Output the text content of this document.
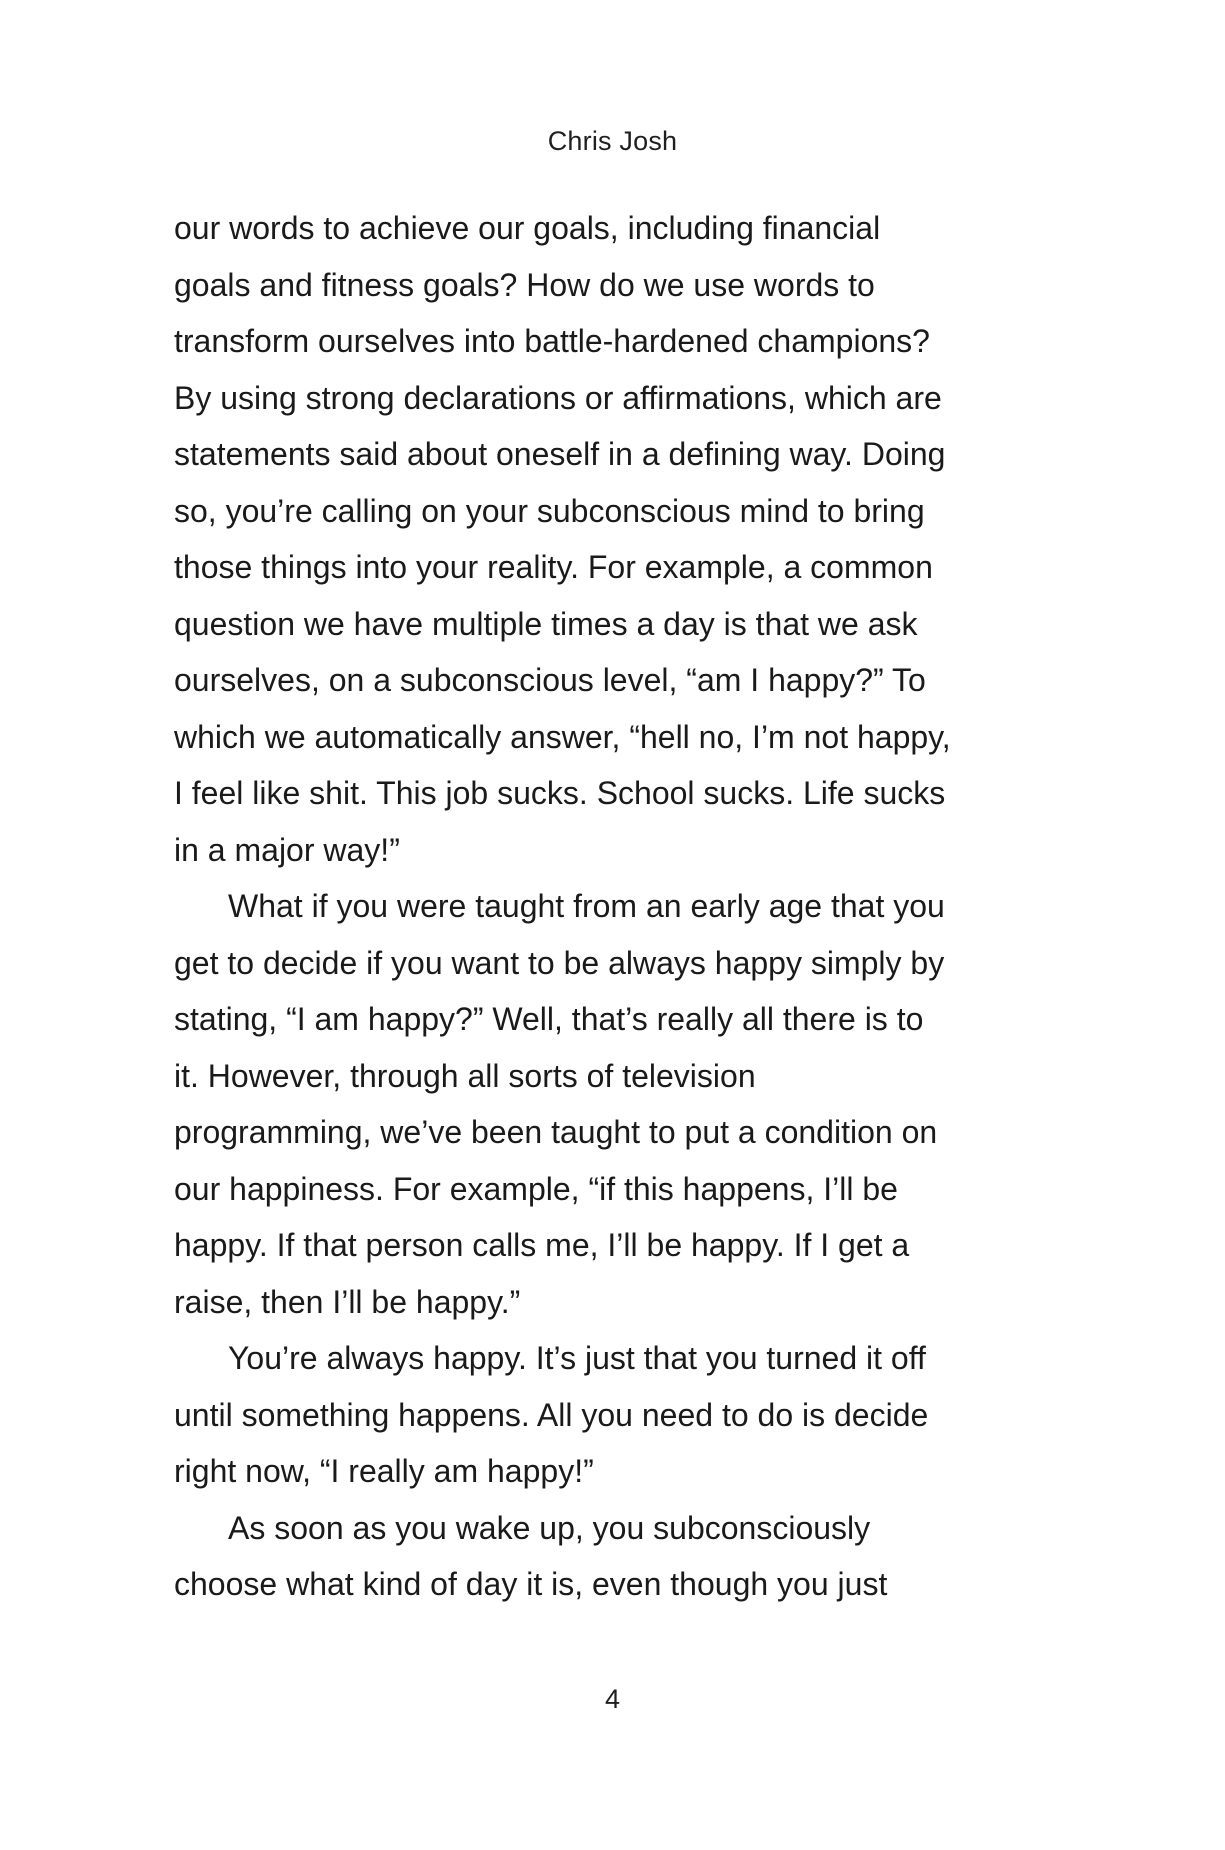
Chris Josh
our words to achieve our goals, including financial
goals and fitness goals? How do we use words to
transform ourselves into battle-hardened champions?
By using strong declarations or affirmations, which are
statements said about oneself in a defining way. Doing
so, you’re calling on your subconscious mind to bring
those things into your reality. For example, a common
question we have multiple times a day is that we ask
ourselves, on a subconscious level, “am I happy?” To
which we automatically answer, “hell no, I’m not happy,
I feel like shit. This job sucks. School sucks. Life sucks
in a major way!”
What if you were taught from an early age that you
get to decide if you want to be always happy simply by
stating, “I am happy?” Well, that’s really all there is to
it. However, through all sorts of television
programming, we’ve been taught to put a condition on
our happiness. For example, “if this happens, I’ll be
happy. If that person calls me, I’ll be happy. If I get a
raise, then I’ll be happy.”
You’re always happy. It’s just that you turned it off
until something happens. All you need to do is decide
right now, “I really am happy!”
As soon as you wake up, you subconsciously
choose what kind of day it is, even though you just
4
